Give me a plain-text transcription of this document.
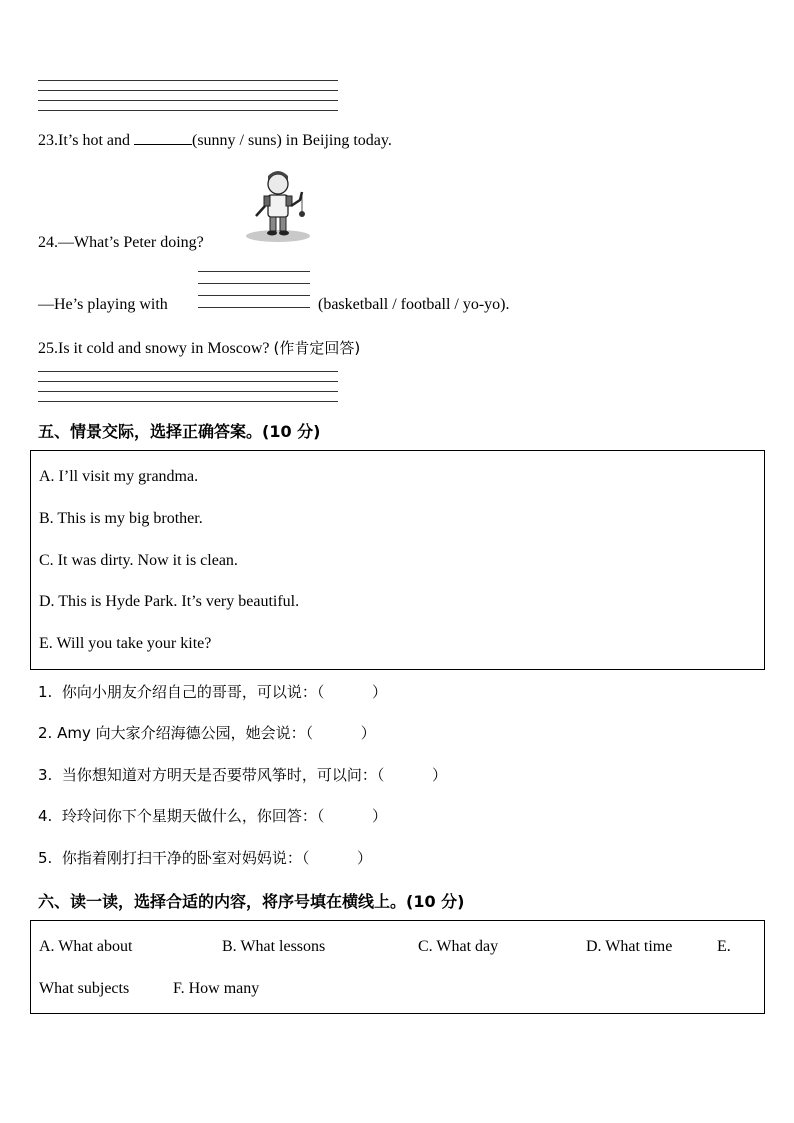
23.It’s hot and	(sunny / suns) in Beijing today.
24.—What’s Peter doing?
—He’s playing with	(basketball / football / yo-yo).
25.Is it cold and snowy in Moscow? (作肯定回答)
五、情景交际，选择正确答案。(10 分)
A. I’ll visit my grandma.
B. This is my big brother.
C. It was dirty. Now it is clean.
D. This is Hyde Park. It’s very beautiful.
E. Will you take your kite?
1.  你向小朋友介绍自己的哥哥，可以说：（          ）
2. Amy 向大家介绍海德公园，她会说：（          ）
3.  当你想知道对方明天是否要带风筝时，可以问：（          ）
4.  玲玲问你下个星期天做什么，你回答：（          ）
5.  你指着刚打扫干净的卧室对妈妈说：（          ）
六、读一读，选择合适的内容，将序号填在横线上。(10 分)
A. What about	B. What lessons	C. What day	D. What time	E.
What subjects	F. How many
